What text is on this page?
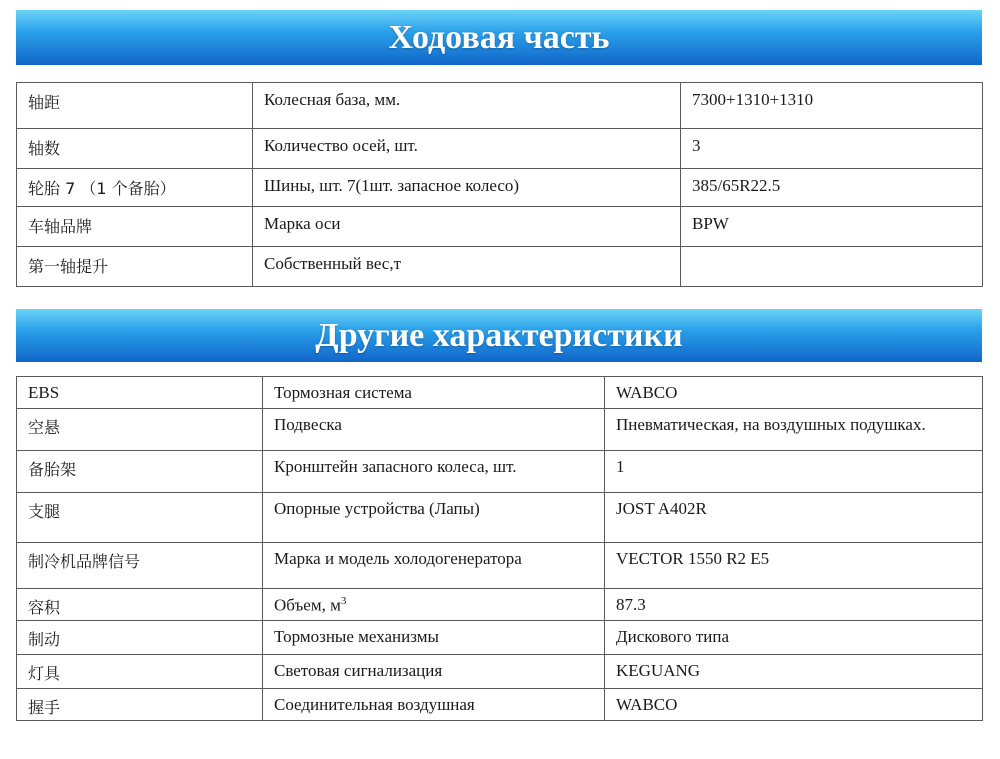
Ходовая часть
轴距	Колесная база, мм.	7300+1310+1310
轴数	Количество осей, шт.	3
轮胎 7 （1 个备胎）	Шины, шт. 7(1шт. запасное колесо)	385/65R22.5
车轴品牌	Марка оси	BPW
第一轴提升	Собственный вес,т	
Другие характеристики
EBS	Тормозная система	WABCO
空悬	Подвеска	Пневматическая, на воздушных подушках.
备胎架	Кронштейн запасного колеса, шт.	1
支腿	Опорные устройства (Лапы)	JOST A402R
制冷机品牌信号	Марка и модель холодогенератора	VECTOR 1550 R2 E5
容积	Объем, $м^3$	87.3
制动	Тормозные механизмы	Дискового типа
灯具	Световая сигнализация	KEGUANG
握手	Соединительная воздушная	WABCO
